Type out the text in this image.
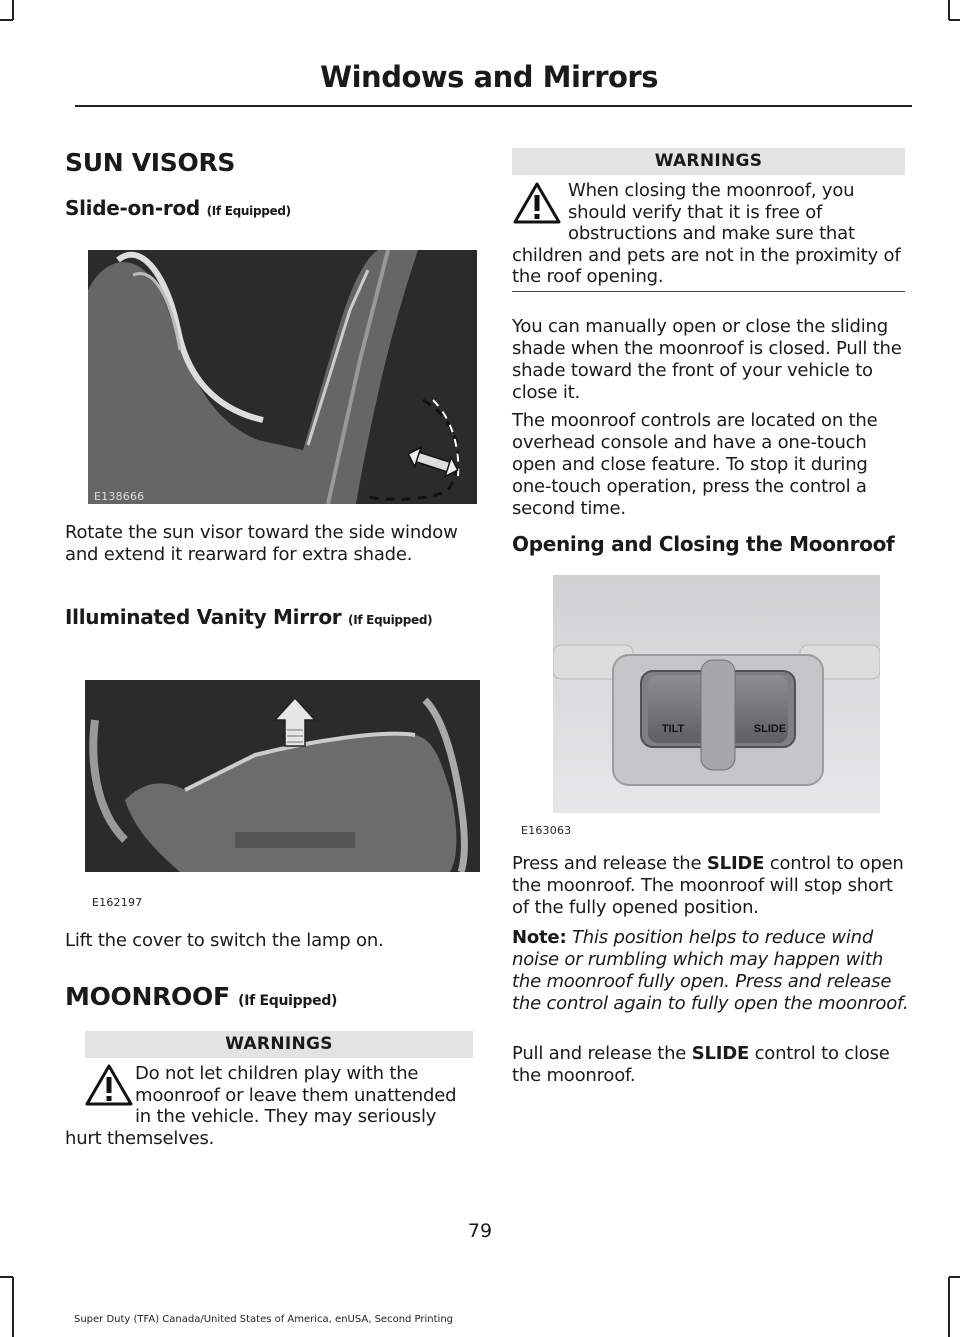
Windows and Mirrors
SUN VISORS
Slide-on-rod (If Equipped)
E138666

Rotate the sun visor toward the side window and extend it rearward for extra shade.

Illuminated Vanity Mirror (If Equipped)
E162197

Lift the cover to switch the lamp on.

MOONROOF (If Equipped)
WARNINGS
Do not let children play with the moonroof or leave them unattended in the vehicle. They may seriously hurt themselves.
WARNINGS
When closing the moonroof, you should verify that it is free of obstructions and make sure that children and pets are not in the proximity of the roof opening.

You can manually open or close the sliding shade when the moonroof is closed. Pull the shade toward the front of your vehicle to close it.

The moonroof controls are located on the overhead console and have a one-touch open and close feature. To stop it during one-touch operation, press the control a second time.

Opening and Closing the Moonroof
TILT	SLIDE
E163063

Press and release the SLIDE control to open the moonroof. The moonroof will stop short of the fully opened position.

Note: This position helps to reduce wind noise or rumbling which may happen with the moonroof fully open. Press and release the control again to fully open the moonroof.

Pull and release the SLIDE control to close the moonroof.

79
Super Duty (TFA) Canada/United States of America, enUSA, Second Printing
